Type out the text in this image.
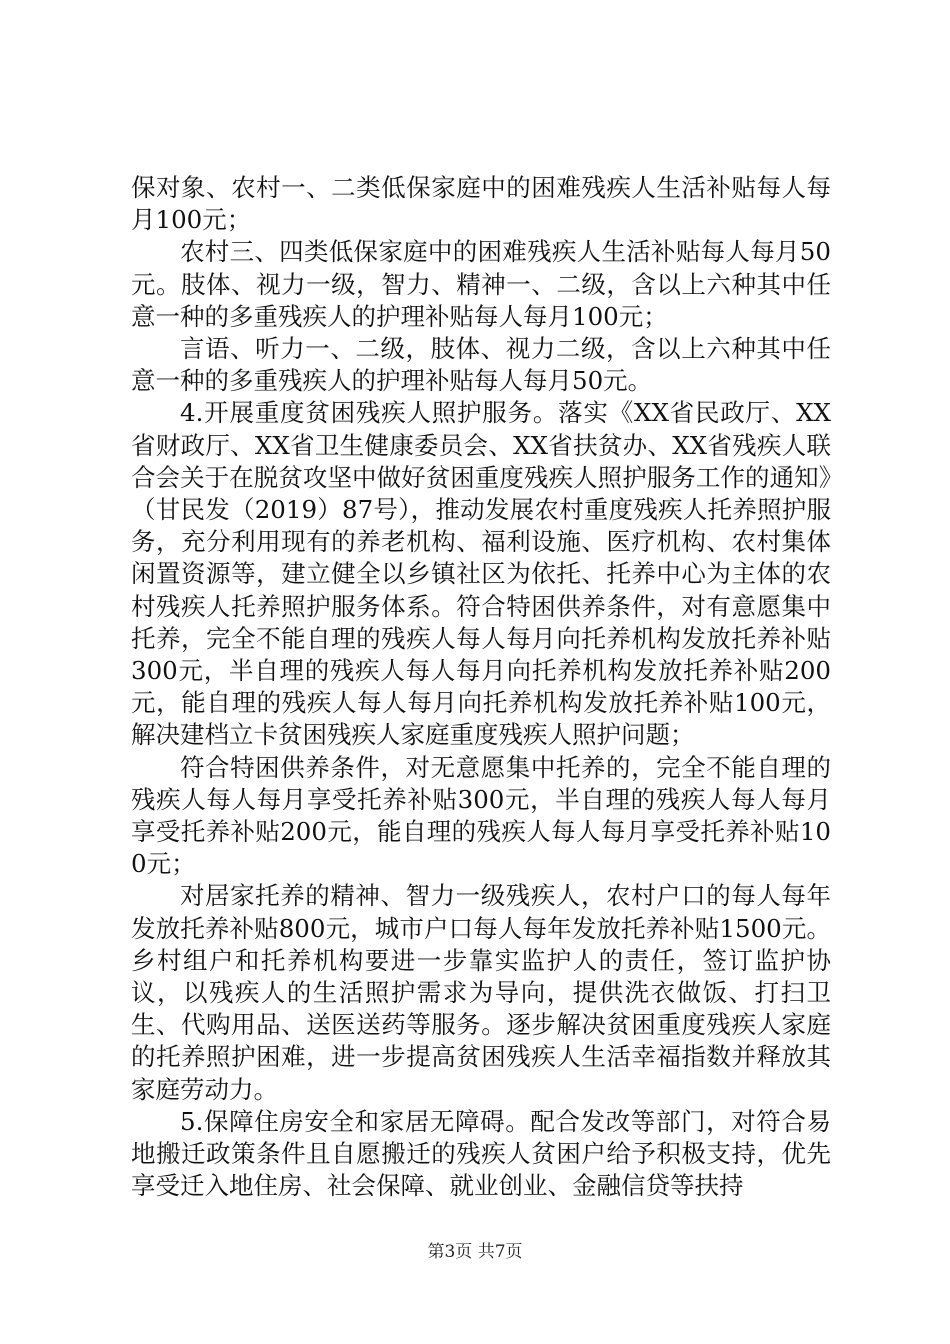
保对象、农村一、二类低保家庭中的困难残疾人生活补贴每人每月100元；

农村三、四类低保家庭中的困难残疾人生活补贴每人每月50元。肢体、视力一级，智力、精神一、二级，含以上六种其中任意一种的多重残疾人的护理补贴每人每月100元；

言语、听力一、二级，肢体、视力二级，含以上六种其中任意一种的多重残疾人的护理补贴每人每月50元。

4.开展重度贫困残疾人照护服务。落实《XX省民政厅、XX省财政厅、XX省卫生健康委员会、XX省扶贫办、XX省残疾人联合会关于在脱贫攻坚中做好贫困重度残疾人照护服务工作的通知》（甘民发（2019）87号），推动发展农村重度残疾人托养照护服务，充分利用现有的养老机构、福利设施、医疗机构、农村集体闲置资源等，建立健全以乡镇社区为依托、托养中心为主体的农村残疾人托养照护服务体系。符合特困供养条件，对有意愿集中托养，完全不能自理的残疾人每人每月向托养机构发放托养补贴300元，半自理的残疾人每人每月向托养机构发放托养补贴200元，能自理的残疾人每人每月向托养机构发放托养补贴100元，解决建档立卡贫困残疾人家庭重度残疾人照护问题；

符合特困供养条件，对无意愿集中托养的，完全不能自理的残疾人每人每月享受托养补贴300元，半自理的残疾人每人每月享受托养补贴200元，能自理的残疾人每人每月享受托养补贴100元；

对居家托养的精神、智力一级残疾人，农村户口的每人每年发放托养补贴800元，城市户口每人每年发放托养补贴1500元。乡村组户和托养机构要进一步靠实监护人的责任，签订监护协议，以残疾人的生活照护需求为导向，提供洗衣做饭、打扫卫生、代购用品、送医送药等服务。逐步解决贫困重度残疾人家庭的托养照护困难，进一步提高贫困残疾人生活幸福指数并释放其家庭劳动力。

5.保障住房安全和家居无障碍。配合发改等部门，对符合易地搬迁政策条件且自愿搬迁的残疾人贫困户给予积极支持，优先享受迁入地住房、社会保障、就业创业、金融信贷等扶持

第3页 共7页
